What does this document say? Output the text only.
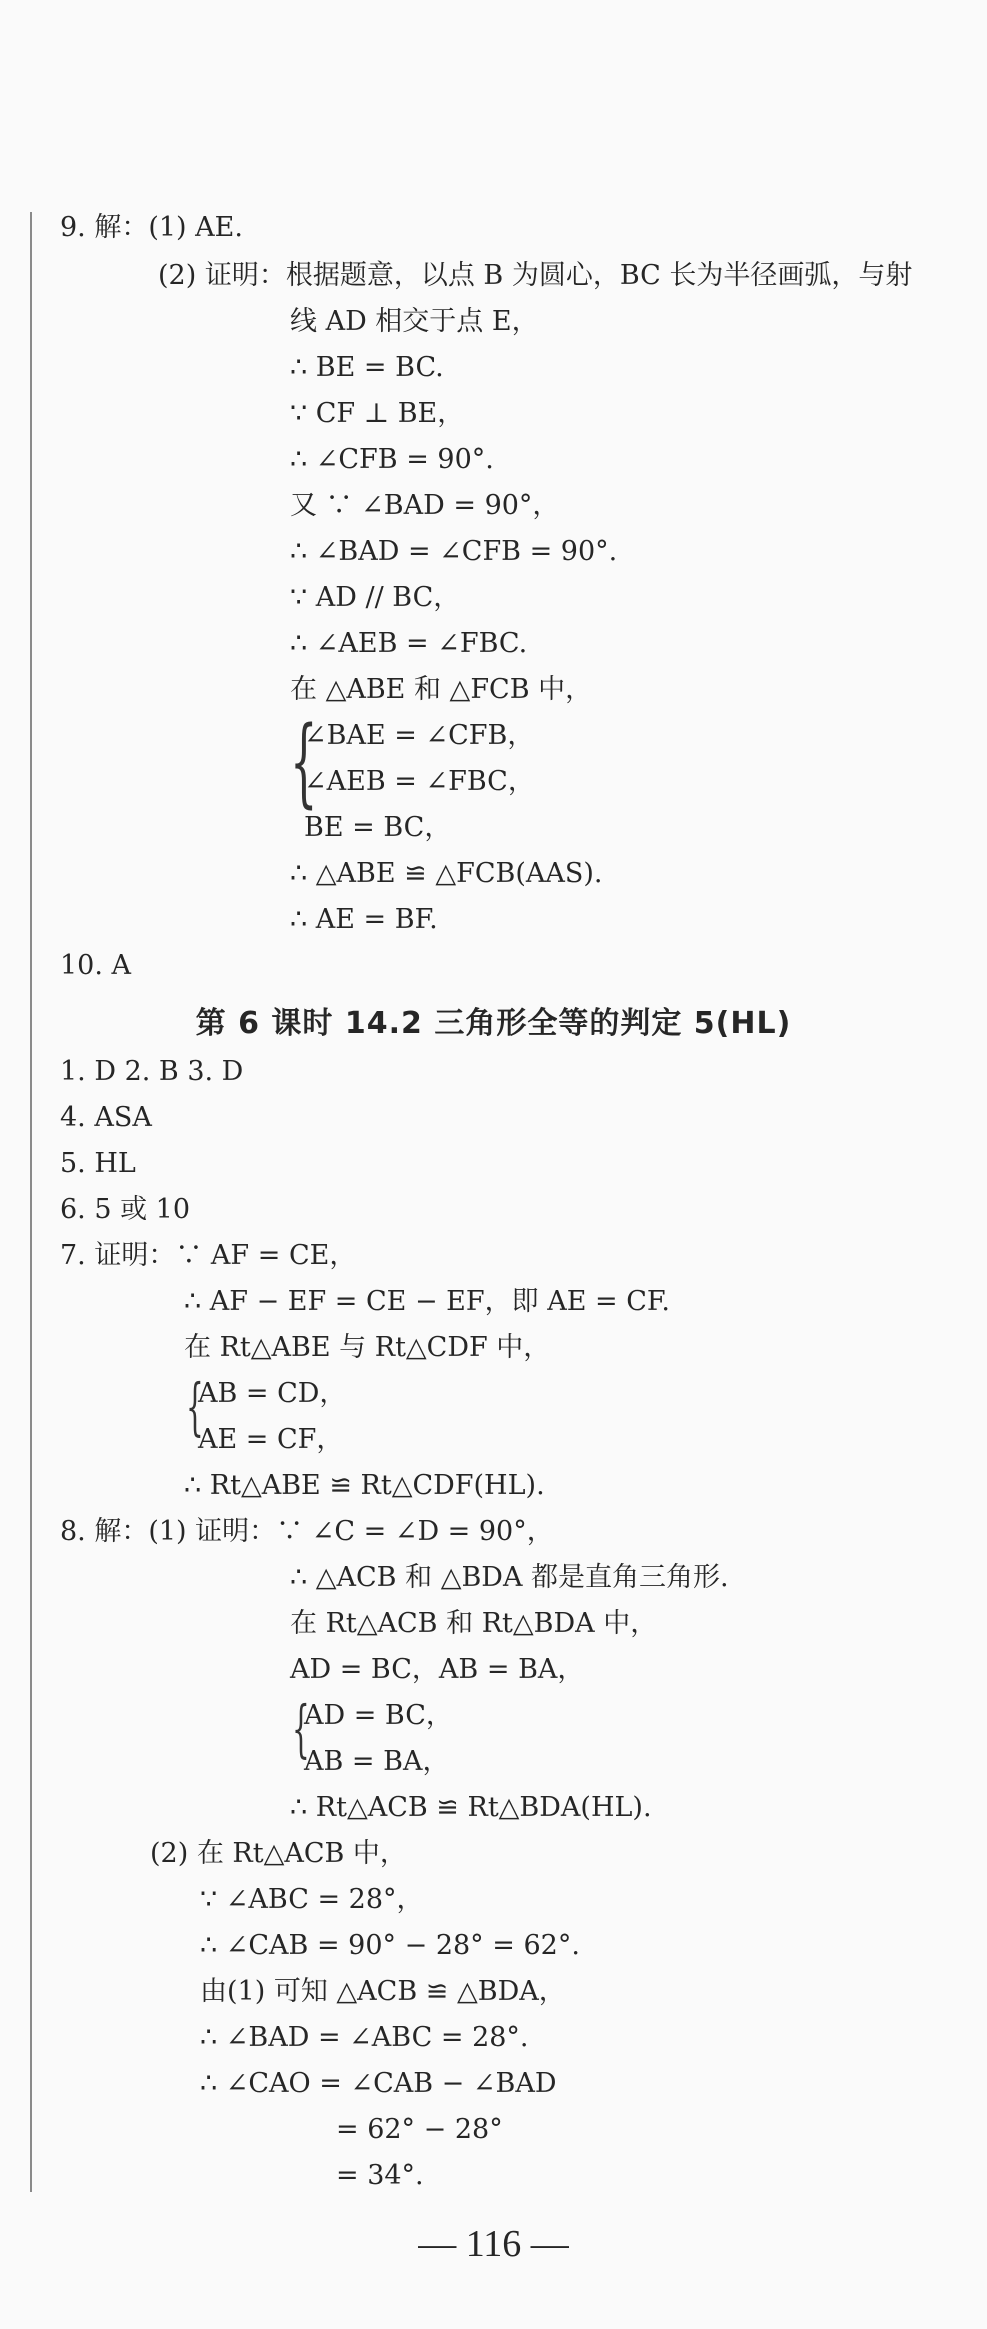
9. 解：(1) AE.
(2) 证明：根据题意，以点 B 为圆心，BC 长为半径画弧，与射
线 AD 相交于点 E，
∴ BE = BC.
∵ CF ⊥ BE，
∴ ∠CFB = 90°.
又 ∵ ∠BAD = 90°，
∴ ∠BAD = ∠CFB = 90°.
∵ AD // BC，
∴ ∠AEB = ∠FBC.
在 △ABE 和 △FCB 中，
{
∠BAE = ∠CFB，
∠AEB = ∠FBC，
BE = BC，
∴ △ABE ≌ △FCB(AAS).
∴ AE = BF.
10. A
第 6 课时 14.2 三角形全等的判定 5(HL)
1. D 2. B 3. D
4. ASA
5. HL
6. 5 或 10
7. 证明：∵ AF = CE，
∴ AF − EF = CE − EF，即 AE = CF.
在 Rt△ABE 与 Rt△CDF 中，
{
AB = CD，
AE = CF，
∴ Rt△ABE ≌ Rt△CDF(HL).
8. 解：(1) 证明：∵ ∠C = ∠D = 90°，
∴ △ACB 和 △BDA 都是直角三角形.
在 Rt△ACB 和 Rt△BDA 中，
AD = BC，AB = BA，
{
AD = BC，
AB = BA，
∴ Rt△ACB ≌ Rt△BDA(HL).
(2) 在 Rt△ACB 中，
∵ ∠ABC = 28°，
∴ ∠CAB = 90° − 28° = 62°.
由(1) 可知 △ACB ≌ △BDA，
∴ ∠BAD = ∠ABC = 28°.
∴ ∠CAO = ∠CAB − ∠BAD
= 62° − 28°
= 34°.
— 116 —
